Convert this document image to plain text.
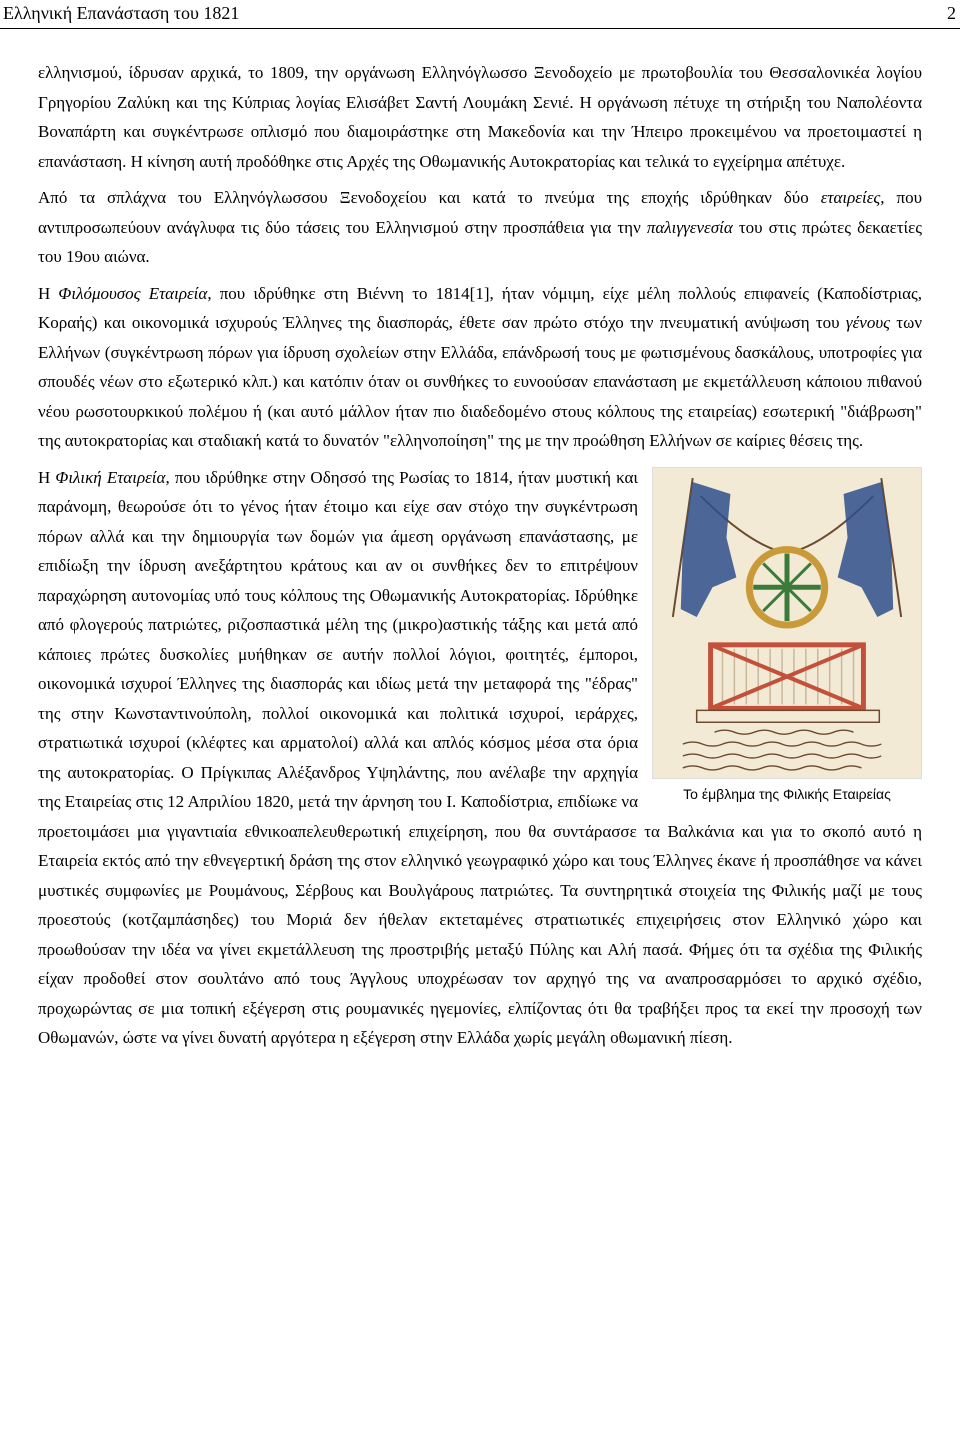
Ελληνική Επανάσταση του 1821	2

ελληνισμού, ίδρυσαν αρχικά, το 1809, την οργάνωση Ελληνόγλωσσο Ξενοδοχείο με πρωτοβουλία του Θεσσαλονικέα λογίου Γρηγορίου Ζαλύκη και της Κύπριας λογίας Ελισάβετ Σαντή Λουμάκη Σενιέ. Η οργάνωση πέτυχε τη στήριξη του Ναπολέοντα Βοναπάρτη και συγκέντρωσε οπλισμό που διαμοιράστηκε στη Μακεδονία και την Ήπειρο προκειμένου να προετοιμαστεί η επανάσταση. Η κίνηση αυτή προδόθηκε στις Αρχές της Οθωμανικής Αυτοκρατορίας και τελικά το εγχείρημα απέτυχε.

Από τα σπλάχνα του Ελληνόγλωσσου Ξενοδοχείου και κατά το πνεύμα της εποχής ιδρύθηκαν δύο εταιρείες, που αντιπροσωπεύουν ανάγλυφα τις δύο τάσεις του Ελληνισμού στην προσπάθεια για την παλιγγενεσία του στις πρώτες δεκαετίες του 19ου αιώνα.

Η Φιλόμουσος Εταιρεία, που ιδρύθηκε στη Βιέννη το 1814[1], ήταν νόμιμη, είχε μέλη πολλούς επιφανείς (Καποδίστριας, Κοραής) και οικονομικά ισχυρούς Έλληνες της διασποράς, έθετε σαν πρώτο στόχο την πνευματική ανύψωση του γένους των Ελλήνων (συγκέντρωση πόρων για ίδρυση σχολείων στην Ελλάδα, επάνδρωσή τους με φωτισμένους δασκάλους, υποτροφίες για σπουδές νέων στο εξωτερικό κλπ.) και κατόπιν όταν οι συνθήκες το ευνοούσαν επανάσταση με εκμετάλλευση κάποιου πιθανού νέου ρωσοτουρκικού πολέμου ή (και αυτό μάλλον ήταν πιο διαδεδομένο στους κόλπους της εταιρείας) εσωτερική "διάβρωση" της αυτοκρατορίας και σταδιακή κατά το δυνατόν "ελληνοποίηση" της με την προώθηση Ελλήνων σε καίριες θέσεις της.

Το έμβλημα της Φιλικής Εταιρείας

Η Φιλική Εταιρεία, που ιδρύθηκε στην Οδησσό της Ρωσίας το 1814, ήταν μυστική και παράνομη, θεωρούσε ότι το γένος ήταν έτοιμο και είχε σαν στόχο την συγκέντρωση πόρων αλλά και την δημιουργία των δομών για άμεση οργάνωση επανάστασης, με επιδίωξη την ίδρυση ανεξάρτητου κράτους και αν οι συνθήκες δεν το επιτρέψουν παραχώρηση αυτονομίας υπό τους κόλπους της Οθωμανικής Αυτοκρατορίας. Ιδρύθηκε από φλογερούς πατριώτες, ριζοσπαστικά μέλη της (μικρο)αστικής τάξης και μετά από κάποιες πρώτες δυσκολίες μυήθηκαν σε αυτήν πολλοί λόγιοι, φοιτητές, έμποροι, οικονομικά ισχυροί Έλληνες της διασποράς και ιδίως μετά την μεταφορά της "έδρας" της στην Κωνσταντινούπολη, πολλοί οικονομικά και πολιτικά ισχυροί, ιεράρχες, στρατιωτικά ισχυροί (κλέφτες και αρματολοί) αλλά και απλός κόσμος μέσα στα όρια της αυτοκρατορίας. Ο Πρίγκιπας Αλέξανδρος Υψηλάντης, που ανέλαβε την αρχηγία της Εταιρείας στις 12 Απριλίου 1820, μετά την άρνηση του Ι. Καποδίστρια, επιδίωκε να προετοιμάσει μια γιγαντιαία εθνικοαπελευθερωτική επιχείρηση, που θα συντάρασσε τα Βαλκάνια και για το σκοπό αυτό η Εταιρεία εκτός από την εθνεγερτική δράση της στον ελληνικό γεωγραφικό χώρο και τους Έλληνες έκανε ή προσπάθησε να κάνει μυστικές συμφωνίες με Ρουμάνους, Σέρβους και Βουλγάρους πατριώτες. Τα συντηρητικά στοιχεία της Φιλικής μαζί με τους προεστούς (κοτζαμπάσηδες) του Μοριά δεν ήθελαν εκτεταμένες στρατιωτικές επιχειρήσεις στον Ελληνικό χώρο και προωθούσαν την ιδέα να γίνει εκμετάλλευση της προστριβής μεταξύ Πύλης και Αλή πασά. Φήμες ότι τα σχέδια της Φιλικής είχαν προδοθεί στον σουλτάνο από τους Άγγλους υποχρέωσαν τον αρχηγό της να αναπροσαρμόσει το αρχικό σχέδιο, προχωρώντας σε μια τοπική εξέγερση στις ρουμανικές ηγεμονίες, ελπίζοντας ότι θα τραβήξει προς τα εκεί την προσοχή των Οθωμανών, ώστε να γίνει δυνατή αργότερα η εξέγερση στην Ελλάδα χωρίς μεγάλη οθωμανική πίεση.
